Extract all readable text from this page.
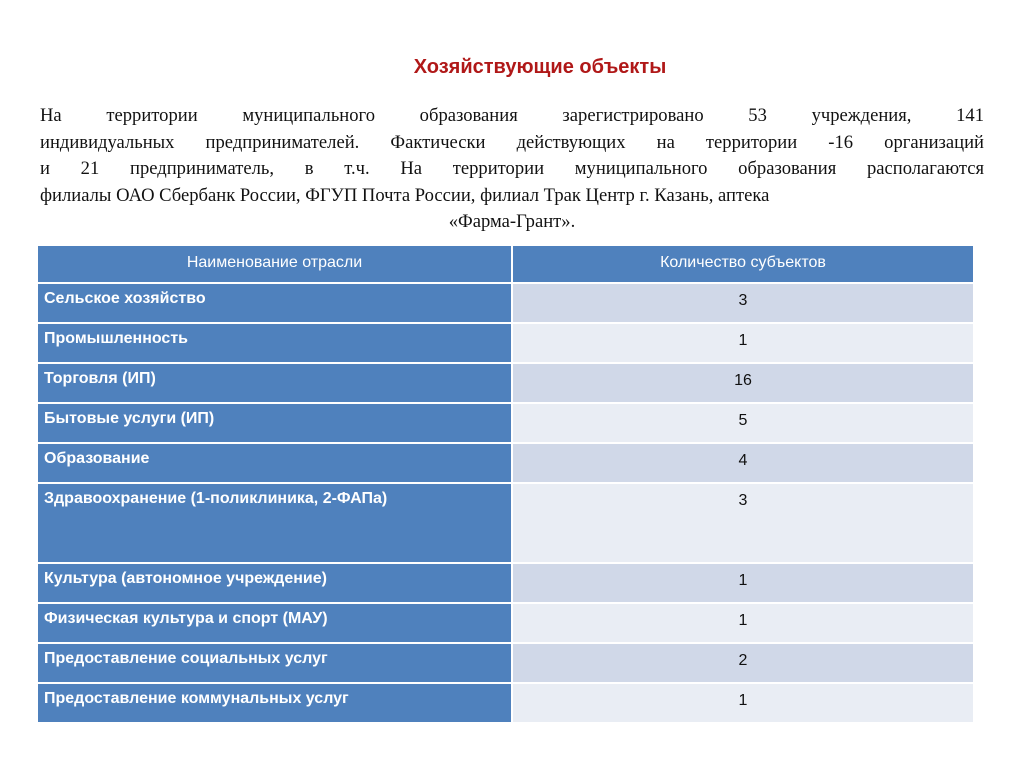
Хозяйствующие объекты
На территории муниципального образования зарегистрировано 53 учреждения, 141
индивидуальных предпринимателей. Фактически действующих на территории -16 организаций
и 21 предприниматель, в т.ч. На территории муниципального образования располагаются
филиалы ОАО Сбербанк России, ФГУП Почта России, филиал Трак Центр г. Казань, аптека
«Фарма-Грант».
Наименование отрасли	Количество субъектов
Сельское хозяйство	3
Промышленность	1
Торговля (ИП)	16
Бытовые услуги (ИП)	5
Образование	4
Здравоохранение (1-поликлиника, 2-ФАПа)	3
Культура (автономное учреждение)	1
Физическая культура и спорт (МАУ)	1
Предоставление социальных услуг	2
Предоставление коммунальных услуг	1
